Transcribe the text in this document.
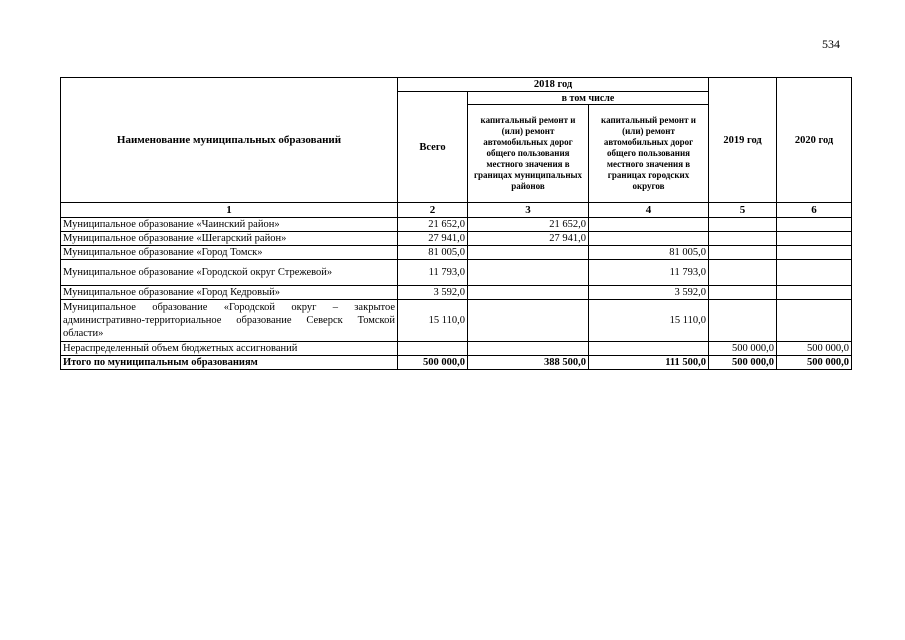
534
Наименование муниципальных образований	2018 год			2019 год	2020 год
	Всего	в том числе			
		капитальный ремонт и (или) ремонт автомобильных дорог общего пользования местного значения в границах муниципальных районов	капитальный ремонт и (или) ремонт автомобильных дорог общего пользования местного значения в границах городских округов		
1	2	3	4	5	6
Муниципальное образование «Чаинский район»	21 652,0	21 652,0			
Муниципальное образование «Шегарский район»	27 941,0	27 941,0			
Муниципальное образование «Город Томск»	81 005,0		81 005,0		
Муниципальное образование «Городской округ Стрежевой»	11 793,0		11 793,0		
Муниципальное образование «Город Кедровый»	3 592,0		3 592,0		
Муниципальное образование «Городской округ – закрытое административно-территориальное образование Северск Томской области»	15 110,0		15 110,0		
Нераспределенный объем бюджетных ассигнований				500 000,0	500 000,0
Итого по муниципальным образованиям	500 000,0	388 500,0	111 500,0	500 000,0	500 000,0
